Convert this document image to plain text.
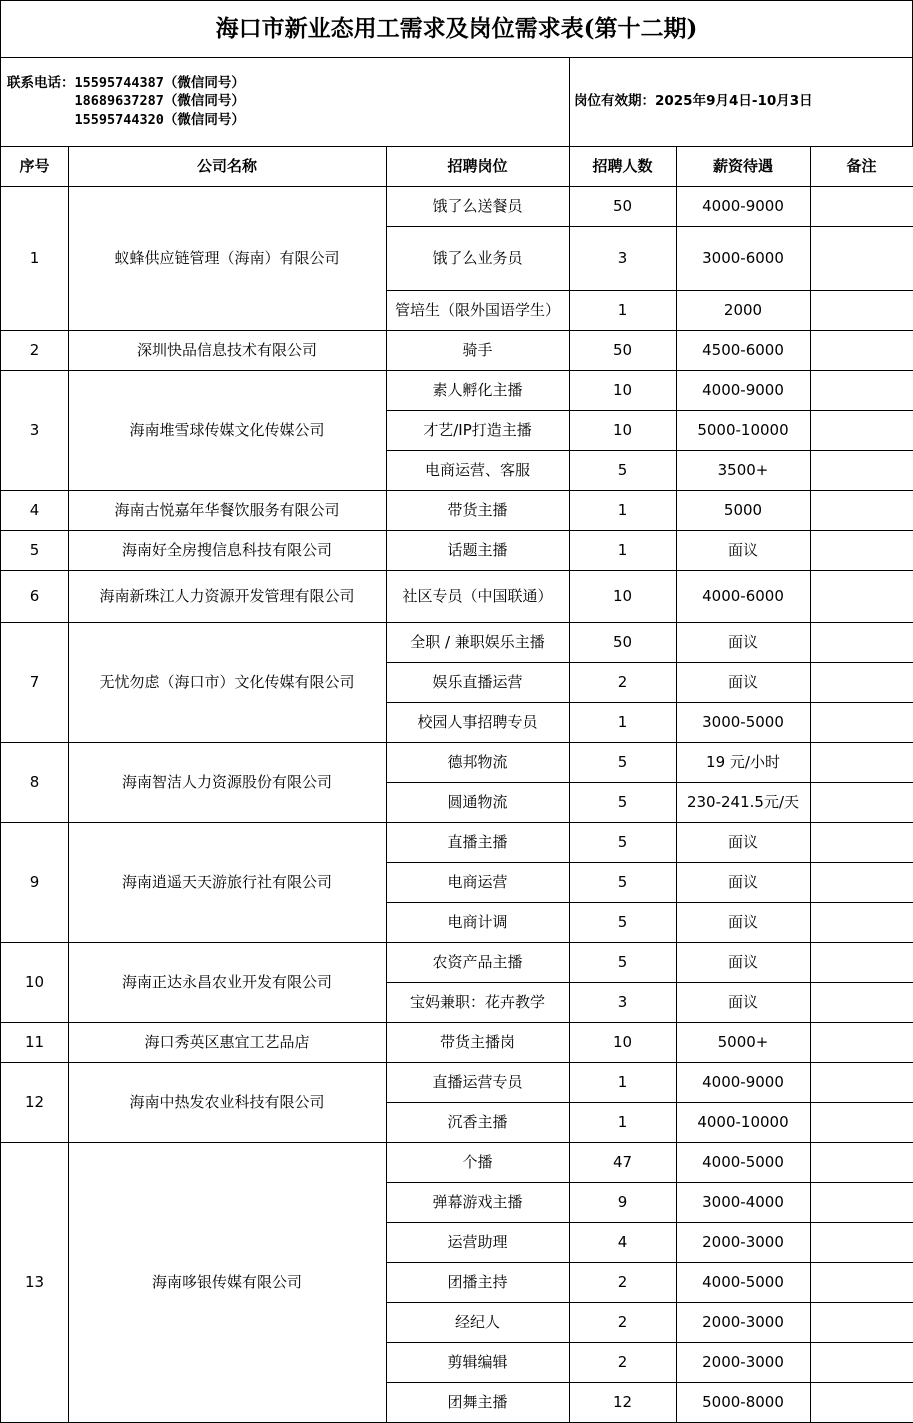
海口市新业态用工需求及岗位需求表(第十二期)
联系电话： 15595744387（微信同号）
18689637287（微信同号）
15595744320（微信同号）
岗位有效期：2025年9月4日-10月3日
序号	公司名称	招聘岗位	招聘人数	薪资待遇	备注
1	蚁蜂供应链管理（海南）有限公司
饿了么送餐员	50	4000-9000
饿了么业务员	3	3000-6000
管培生（限外国语学生）	1	2000
2	深圳快品信息技术有限公司	骑手	50	4500-6000
3	海南堆雪球传媒文化传媒公司
素人孵化主播	10	4000-9000
才艺/IP打造主播	10	5000-10000
电商运营、客服	5	3500+
4	海南古悦嘉年华餐饮服务有限公司	带货主播	1	5000
5	海南好全房搜信息科技有限公司	话题主播	1	面议
6	海南新珠江人力资源开发管理有限公司	社区专员（中国联通）	10	4000-6000
7	无忧勿虑（海口市）文化传媒有限公司
全职 / 兼职娱乐主播	50	面议
娱乐直播运营	2	面议
校园人事招聘专员	1	3000-5000
8	海南智洁人力资源股份有限公司
德邦物流	5	19 元/小时
圆通物流	5	230-241.5元/天
9	海南逍遥天天游旅行社有限公司
直播主播	5	面议
电商运营	5	面议
电商计调	5	面议
10	海南正达永昌农业开发有限公司
农资产品主播	5	面议
宝妈兼职：花卉教学	3	面议
11	海口秀英区惠宜工艺品店	带货主播岗	10	5000+
12	海南中热发农业科技有限公司
直播运营专员	1	4000-9000
沉香主播	1	4000-10000
13	海南哆银传媒有限公司
个播	47	4000-5000
弹幕游戏主播	9	3000-4000
运营助理	4	2000-3000
团播主持	2	4000-5000
经纪人	2	2000-3000
剪辑编辑	2	2000-3000
团舞主播	12	5000-8000
